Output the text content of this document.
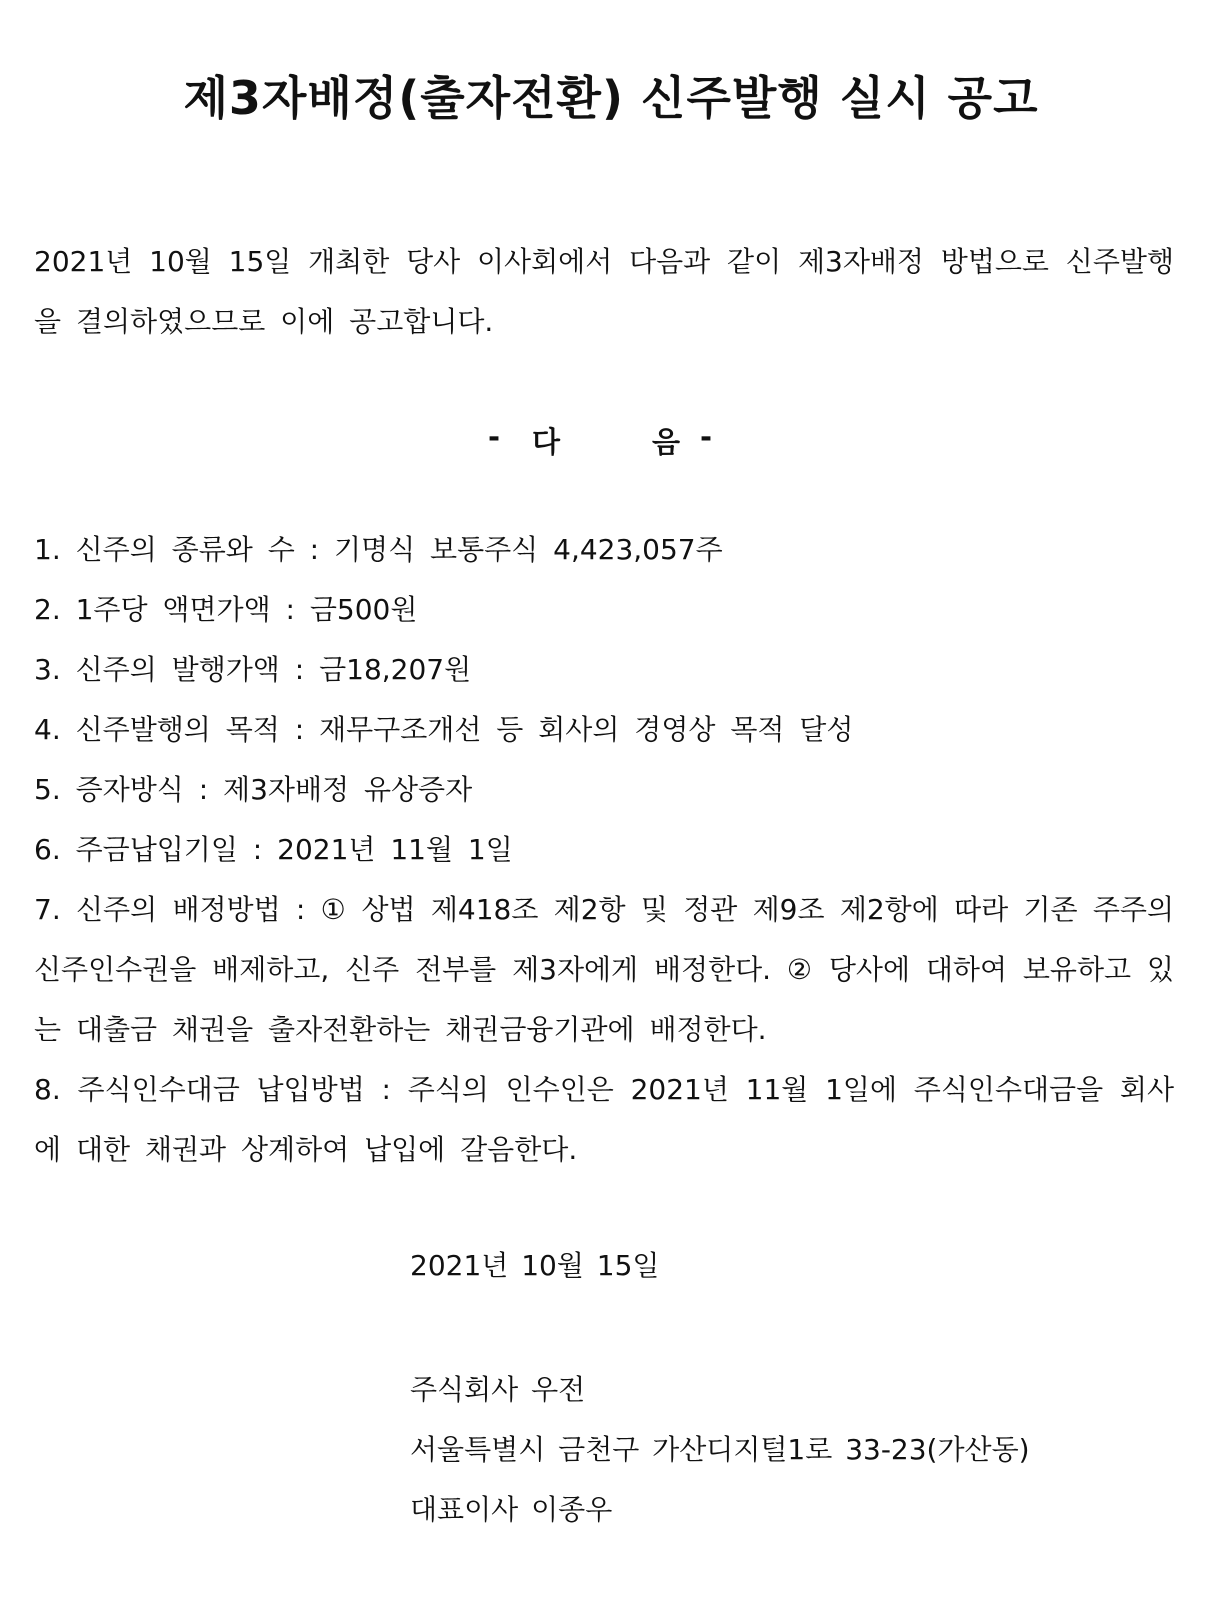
제3자배정(출자전환) 신주발행 실시 공고

2021년 10월 15일 개최한 당사 이사회에서 다음과 같이 제3자배정 방법으로 신주발행을 결의하였으므로 이에 공고합니다.

- 다	음 -
1. 신주의 종류와 수 : 기명식 보통주식 4,423,057주
2. 1주당 액면가액 : 금500원
3. 신주의 발행가액 : 금18,207원
4. 신주발행의 목적 : 재무구조개선 등 회사의 경영상 목적 달성
5. 증자방식 : 제3자배정 유상증자
6. 주금납입기일 : 2021년 11월 1일
7. 신주의 배정방법 : ① 상법 제418조 제2항 및 정관 제9조 제2항에 따라 기존 주주의 신주인수권을 배제하고, 신주 전부를 제3자에게 배정한다. ② 당사에 대하여 보유하고 있는 대출금 채권을 출자전환하는 채권금융기관에 배정한다.
8. 주식인수대금 납입방법 : 주식의 인수인은 2021년 11월 1일에 주식인수대금을 회사에 대한 채권과 상계하여 납입에 갈음한다.
2021년 10월 15일
주식회사 우전
서울특별시 금천구 가산디지털1로 33-23(가산동)
대표이사 이종우
